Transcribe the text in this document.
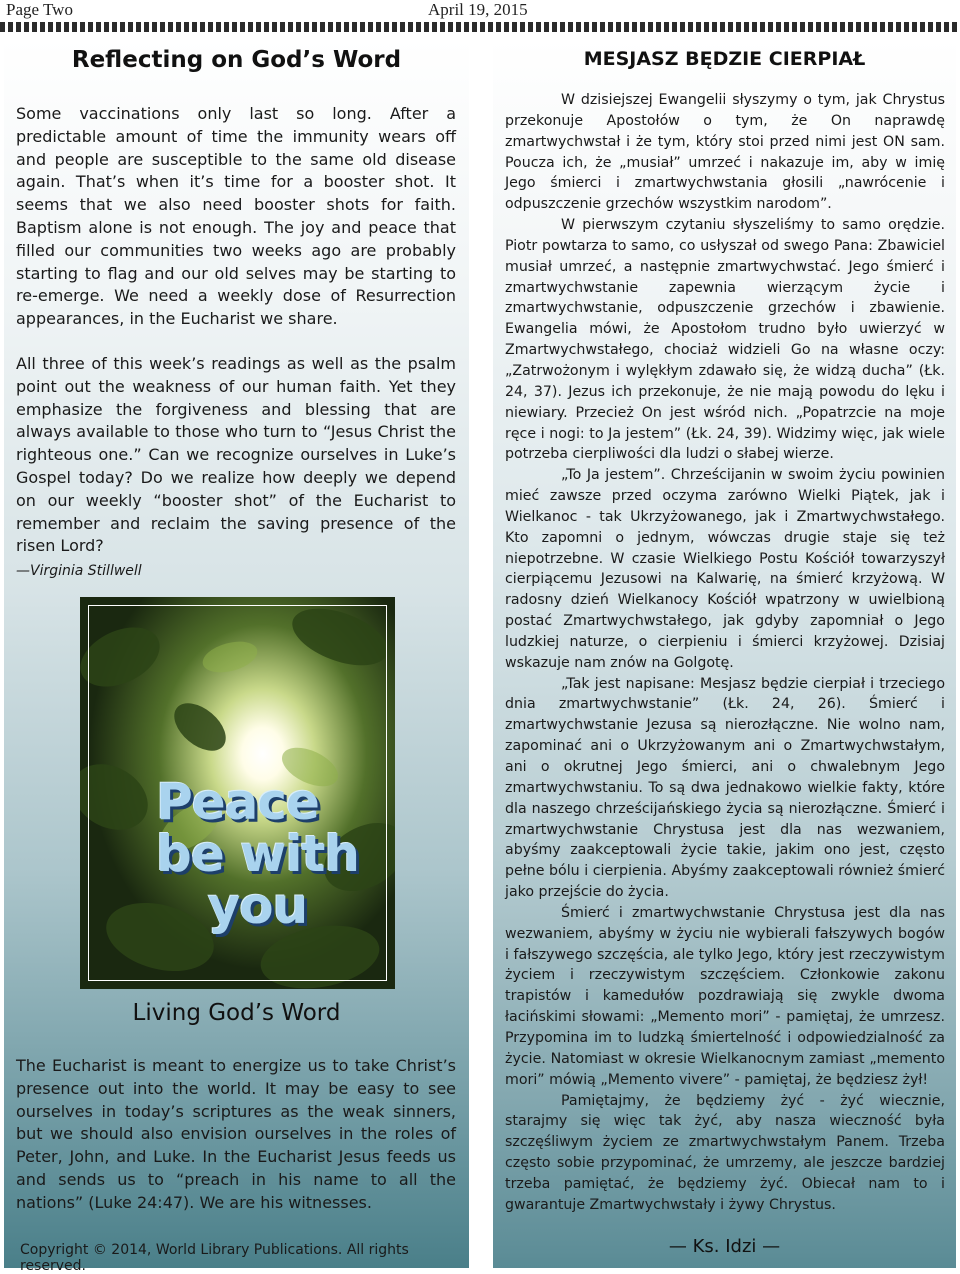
Page Two	April 19, 2015
Reflecting on God’s Word

Some vaccinations only last so long. After a predictable amount of time the immunity wears off and people are susceptible to the same old disease again. That’s when it’s time for a booster shot. It seems that we also need booster shots for faith. Baptism alone is not enough. The joy and peace that filled our communities two weeks ago are probably starting to flag and our old selves may be starting to re-emerge. We need a weekly dose of Resurrection appearances, in the Eucharist we share.

All three of this week’s readings as well as the psalm point out the weakness of our human faith. Yet they emphasize the forgiveness and blessing that are always available to those who turn to “Jesus Christ the righteous one.” Can we recognize ourselves in Luke’s Gospel today? Do we realize how deeply we depend on our weekly “booster shot” of the Eucharist to remember and reclaim the saving presence of the risen Lord?

—Virginia Stillwell
Peace
be with
you
Living God’s Word

The Eucharist is meant to energize us to take Christ’s presence out into the world. It may be easy to see ourselves in today’s scriptures as the weak sinners, but we should also envision ourselves in the roles of Peter, John, and Luke. In the Eucharist Jesus feeds us and sends us to “preach in his name to all the nations” (Luke 24:47). We are his witnesses.

Copyright © 2014, World Library Publications. All rights reserved.
MESJASZ BĘDZIE CIERPIAŁ

W dzisiejszej Ewangelii słyszymy o tym, jak Chrystus przekonuje Apostołów o tym, że On naprawdę zmartwychwstał i że tym, który stoi przed nimi jest ON sam. Poucza ich, że „musiał” umrzeć i nakazuje im, aby w imię Jego śmierci i zmartwychwstania głosili „nawrócenie i odpuszczenie grzechów wszystkim narodom”.

W pierwszym czytaniu słyszeliśmy to samo orędzie. Piotr powtarza to samo, co usłyszał od swego Pana: Zbawiciel musiał umrzeć, a następnie zmartwychwstać. Jego śmierć i zmartwychwstanie zapewnia wierzącym życie i zmartwychwstanie, odpuszczenie grzechów i zbawienie. Ewangelia mówi, że Apostołom trudno było uwierzyć w Zmartwychwstałego, chociaż widzieli Go na własne oczy: „Zatrwożonym i wylękłym zdawało się, że widzą ducha” (Łk. 24, 37). Jezus ich przekonuje, że nie mają powodu do lęku i niewiary. Przecież On jest wśród nich. „Popatrzcie na moje ręce i nogi: to Ja jestem” (Łk. 24, 39). Widzimy więc, jak wiele potrzeba cierpliwości dla ludzi o słabej wierze.

„To Ja jestem”. Chrześcijanin w swoim życiu powinien mieć zawsze przed oczyma zarówno Wielki Piątek, jak i Wielkanoc - tak Ukrzyżowanego, jak i Zmartwychwstałego. Kto zapomni o jednym, wówczas drugie staje się też niepotrzebne. W czasie Wielkiego Postu Kościół towarzyszył cierpiącemu Jezusowi na Kalwarię, na śmierć krzyżową. W radosny dzień Wielkanocy Kościół wpatrzony w uwielbioną postać Zmartwychwstałego, jak gdyby zapomniał o Jego ludzkiej naturze, o cierpieniu i śmierci krzyżowej. Dzisiaj wskazuje nam znów na Golgotę.

„Tak jest napisane: Mesjasz będzie cierpiał i trzeciego dnia zmartwychwstanie” (Łk. 24, 26). Śmierć i zmartwychwstanie Jezusa są nierozłączne. Nie wolno nam, zapominać ani o Ukrzyżowanym ani o Zmartwychwstałym, ani o okrutnej Jego śmierci, ani o chwalebnym Jego zmartwychwstaniu. To są dwa jednakowo wielkie fakty, które dla naszego chrześcijańskiego życia są nierozłączne. Śmierć i zmartwychwstanie Chrystusa jest dla nas wezwaniem, abyśmy zaakceptowali życie takie, jakim ono jest, często pełne bólu i cierpienia. Abyśmy zaakceptowali również śmierć jako przejście do życia.

Śmierć i zmartwychwstanie Chrystusa jest dla nas wezwaniem, abyśmy w życiu nie wybierali fałszywych bogów i fałszywego szczęścia, ale tylko Jego, który jest rzeczywistym życiem i rzeczywistym szczęściem. Członkowie zakonu trapistów i kamedułów pozdrawiają się zwykle dwoma łacińskimi słowami: „Memento mori” - pamiętaj, że umrzesz. Przypomina im to ludzką śmiertelność i odpowiedzialność za życie. Natomiast w okresie Wielkanocnym zamiast „memento mori” mówią „Memento vivere” - pamiętaj, że będziesz żył!

Pamiętajmy, że będziemy żyć - żyć wiecznie, starajmy się więc tak żyć, aby nasza wieczność była szczęśliwym życiem ze zmartwychwstałym Panem. Trzeba często sobie przypominać, że umrzemy, ale jeszcze bardziej trzeba pamiętać, że będziemy żyć. Obiecał nam to i gwarantuje Zmartwychwstały i żywy Chrystus.

— Ks. Idzi —
